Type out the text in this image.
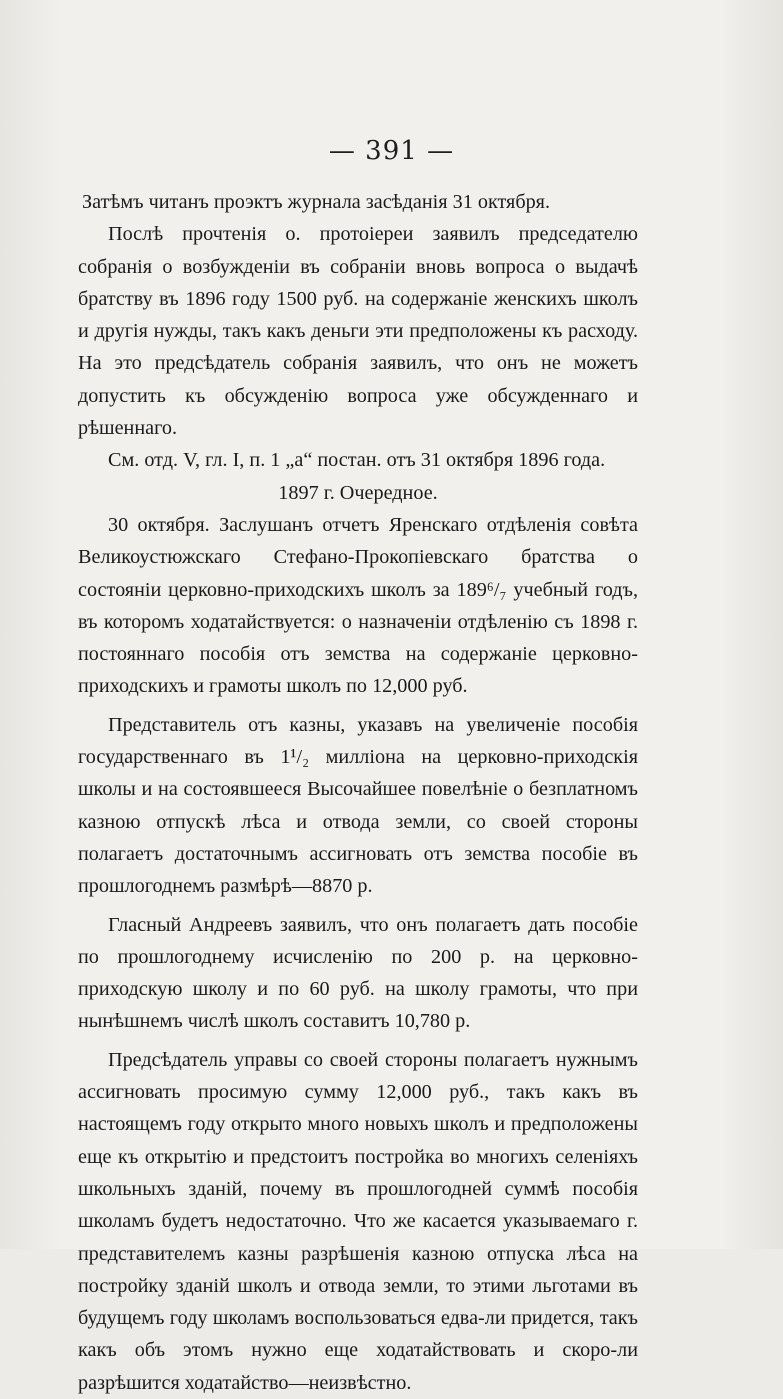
— 391 —

Затѣмъ читанъ проэктъ журнала засѣданія 31 октября.

Послѣ прочтенія о. протоіереи заявилъ председателю собранія о возбужденіи въ собраніи вновь вопроса о выдачѣ братству въ 1896 году 1500 руб. на содержаніе женскихъ школъ и другія нужды, такъ какъ деньги эти предположены къ расходу. На это предсѣдатель собранія заявилъ, что онъ не можетъ допустить къ обсужденію вопроса уже обсужденнаго и рѣшеннаго.

См. отд. V, гл. I, п. 1 „а“ постан. отъ 31 октября 1896 года.

1897 г. Очередное.

30 октября. Заслушанъ отчетъ Яренскаго отдѣленія совѣта Великоустюжскаго Стефано-Прокопіевскаго братства о состояніи церковно-приходскихъ школъ за 189⁶/₇ учебный годъ, въ которомъ ходатайствуется: о назначеніи отдѣленію съ 1898 г. постояннаго пособія отъ земства на содержаніе церковно-приходскихъ и грамоты школъ по 12,000 руб.

Представитель отъ казны, указавъ на увеличеніе пособія государственнаго въ 1¹/₂ милліона на церковно-приходскія школы и на состоявшееся Высочайшее повелѣніе о безплатномъ казною отпускѣ лѣса и отвода земли, со своей стороны полагаетъ достаточнымъ ассигновать отъ земства пособіе въ прошлогоднемъ размѣрѣ—8870 р.

Гласный Андреевъ заявилъ, что онъ полагаетъ дать пособіе по прошлогоднему исчисленію по 200 р. на церковно-приходскую школу и по 60 руб. на школу грамоты, что при нынѣшнемъ числѣ школъ составитъ 10,780 р.

Предсѣдатель управы со своей стороны полагаетъ нужнымъ ассигновать просимую сумму 12,000 руб., такъ какъ въ настоящемъ году открыто много новыхъ школъ и предположены еще къ открытію и предстоитъ постройка во многихъ селеніяхъ школьныхъ зданій, почему въ прошлогодней суммѣ пособія школамъ будетъ недостаточно. Что же касается указываемаго г. представителемъ казны разрѣшенія казною отпуска лѣса на постройку зданій школъ и отвода земли, то этими льготами въ будущемъ году школамъ воспользоваться едва-ли придется, такъ какъ объ этомъ нужно еще ходатайствовать и скоро-ли разрѣшится ходатайство—неизвѣстно.
